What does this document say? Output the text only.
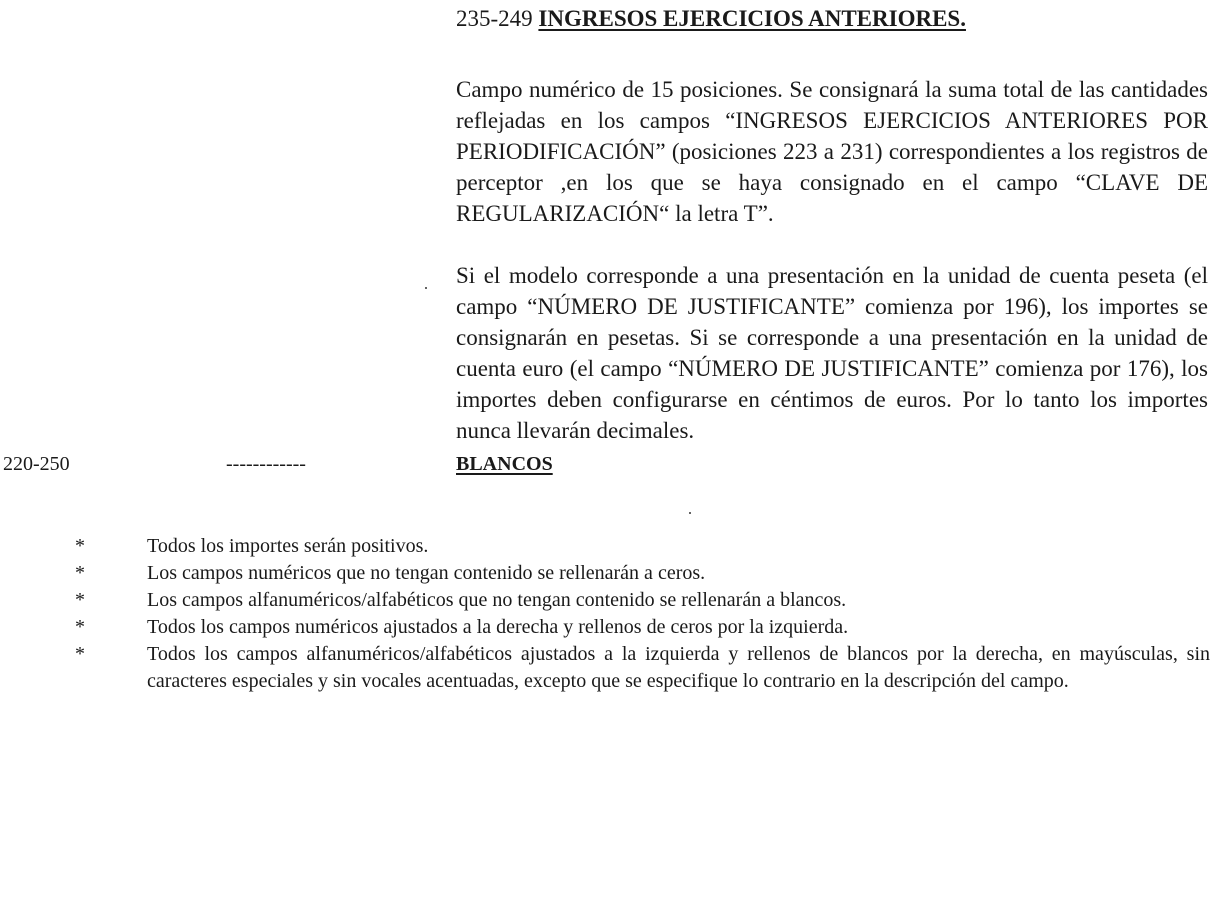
235-249 INGRESOS EJERCICIOS ANTERIORES.

Campo numérico de 15 posiciones. Se consignará la suma total de las cantidades reflejadas en los campos “INGRESOS EJERCICIOS ANTERIORES POR PERIODIFICACIÓN” (posiciones 223 a 231) correspondientes a los registros de perceptor ,en los que se haya consignado en el campo “CLAVE DE REGULARIZACIÓN“ la letra T”.

Si el modelo corresponde a una presentación en la unidad de cuenta peseta (el campo “NÚMERO DE JUSTIFICANTE” comienza por 196), los importes se consignarán en pesetas. Si se corresponde a una presentación en la unidad de cuenta euro (el campo “NÚMERO DE JUSTIFICANTE” comienza por 176), los importes deben configurarse en céntimos de euros. Por lo tanto los importes nunca llevarán decimales.

220-250	------------	BLANCOS
*	Todos los importes serán positivos.
*	Los campos numéricos que no tengan contenido se rellenarán a ceros.
*	Los campos alfanuméricos/alfabéticos que no tengan contenido se rellenarán a blancos.
*	Todos los campos numéricos ajustados a la derecha y rellenos de ceros por la izquierda.
*	Todos los campos alfanuméricos/alfabéticos ajustados a la izquierda y rellenos de blancos por la derecha, en mayúsculas, sin caracteres especiales y sin vocales acentuadas, excepto que se especifique lo contrario en la descripción del campo.
